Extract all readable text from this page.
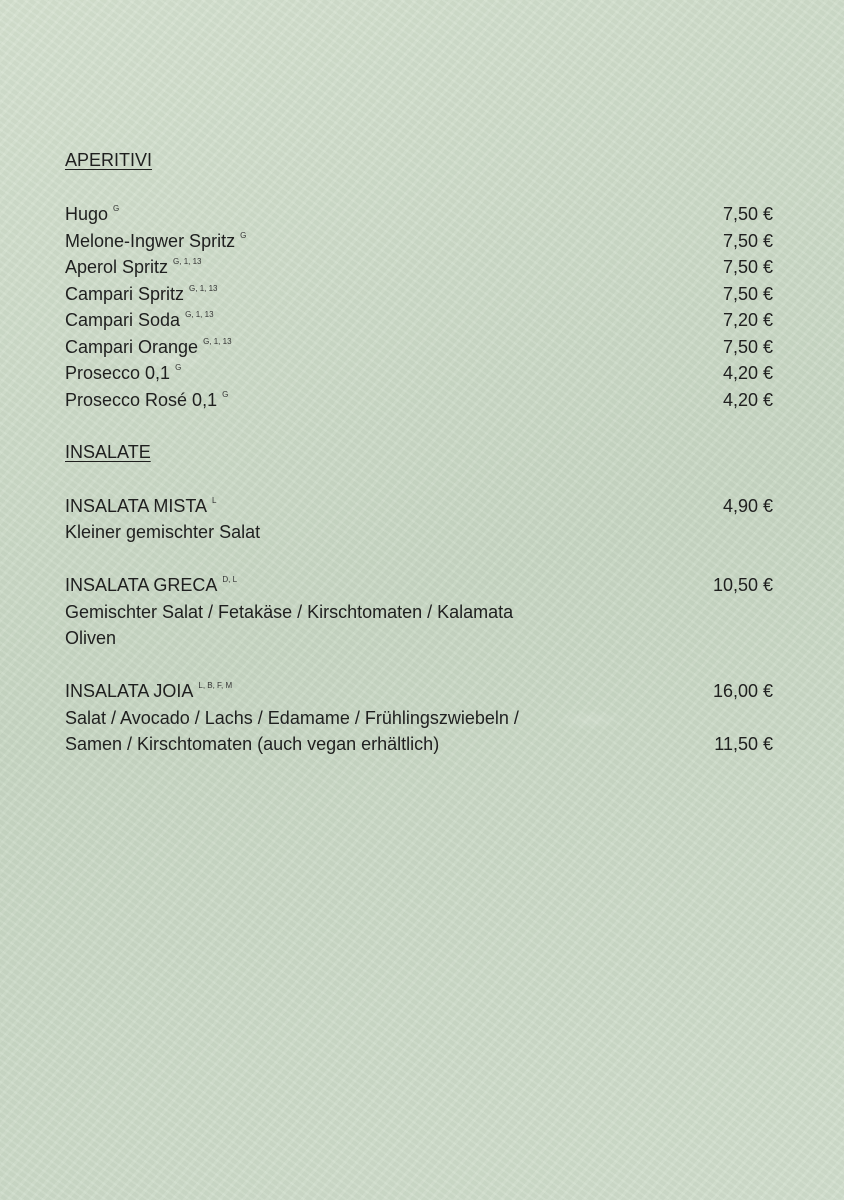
APERITIVI
Hugo $^G$	7,50 €
Melone-Ingwer Spritz $^G$	7,50 €
Aperol Spritz $^{G, 1, 13}$	7,50 €
Campari Spritz $^{G, 1, 13}$	7,50 €
Campari Soda $^{G, 1, 13}$	7,20 €
Campari Orange $^{G, 1, 13}$	7,50 €
Prosecco 0,1 $^G$	4,20 €
Prosecco Rosé 0,1 $^G$	4,20 €
INSALATE
INSALATA MISTA $^L$	4,90 €
Kleiner gemischter Salat
INSALATA GRECA $^{D, L}$	10,50 €
Gemischter Salat / Fetakäse / Kirschtomaten / Kalamata
Oliven
INSALATA JOIA $^{L, B, F, M}$	16,00 €
Salat / Avocado / Lachs / Edamame / Frühlingszwiebeln /
Samen / Kirschtomaten (auch vegan erhältlich)	11,50 €
